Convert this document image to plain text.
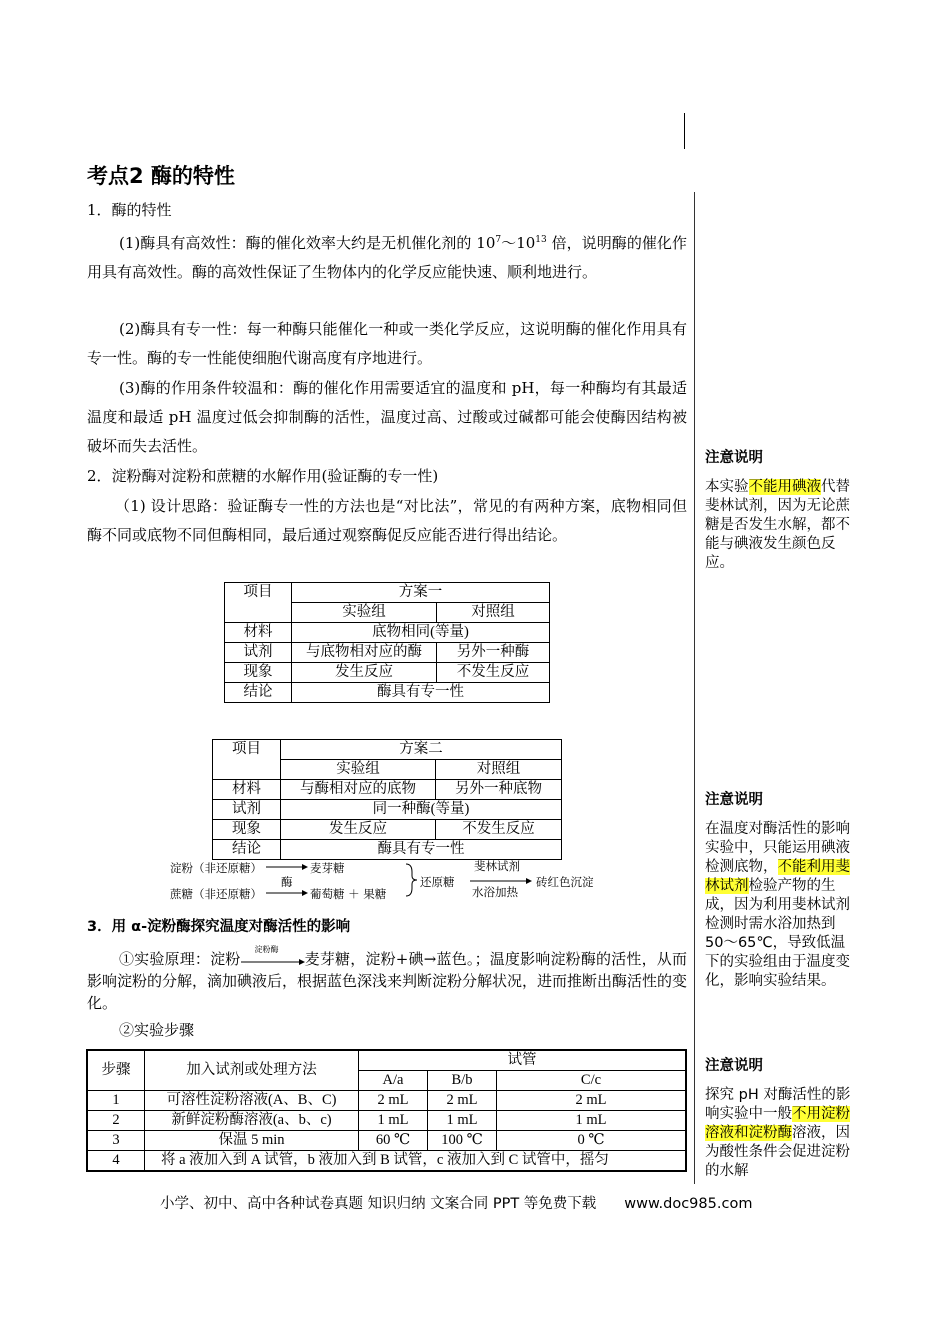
考点2 酶的特性
1．酶的特性
(1)酶具有高效性：酶的催化效率大约是无机催化剂的 $10^7\sim 10^{13}$ 倍，说明酶的催化作用具有高效性。酶的高效性保证了生物体内的化学反应能快速、顺利地进行。
(2)酶具有专一性：每一种酶只能催化一种或一类化学反应，这说明酶的催化作用具有专一性。酶的专一性能使细胞代谢高度有序地进行。
(3)酶的作用条件较温和：酶的催化作用需要适宜的温度和 pH，每一种酶均有其最适温度和最适 pH 温度过低会抑制酶的活性，温度过高、过酸或过碱都可能会使酶因结构被破坏而失去活性。
2．淀粉酶对淀粉和蔗糖的水解作用(验证酶的专一性)
（1) 设计思路：验证酶专一性的方法也是“对比法”，常见的有两种方案，底物相同但酶不同或底物不同但酶相同，最后通过观察酶促反应能否进行得出结论。
项目	方案一	
	实验组	对照组
材料	底物相同(等量)	
试剂	与底物相对应的酶	另外一种酶
现象	发生反应	不发生反应
结论	酶具有专一性	
项目	方案二	
	实验组	对照组
材料	与酶相对应的底物	另外一种底物
试剂	同一种酶(等量)	
现象	发生反应	不发生反应
结论	酶具有专一性	
淀粉（非还原糖）
蔗糖（非还原糖）
酶
麦芽糖
葡萄糖 ＋ 果糖
还原糖
斐林试剂
水浴加热
砖红色沉淀
3．用 α-淀粉酶探究温度对酶活性的影响
①实验原理：淀粉
淀粉酶
麦芽糖，淀粉+碘→蓝色。；温度影响淀粉酶的活性，从而影响淀粉的分解，滴加碘液后，根据蓝色深浅来判断淀粉分解状况，进而推断出酶活性的变化。
②实验步骤
步骤	加入试剂或处理方法	试管		
		A/a	B/b	C/c
1	可溶性淀粉溶液(A、B、C)	2 mL	2 mL	2 mL
2	新鲜淀粉酶溶液(a、b、c)	1 mL	1 mL	1 mL
3	保温 5 min	60 ℃	100 ℃	0 ℃
4	将 a 液加入到 A 试管，b 液加入到 B 试管，c 液加入到 C 试管中，摇匀			
注意说明

本实验不能用碘液代替斐林试剂，因为无论蔗糖是否发生水解，都不能与碘液发生颜色反应。

注意说明

在温度对酶活性的影响实验中，只能运用碘液检测底物，不能利用斐林试剂检验产物的生成，因为利用斐林试剂检测时需水浴加热到 50～65℃，导致低温下的实验组由于温度变化，影响实验结果。

注意说明

探究 pH 对酶活性的影响实验中一般不用淀粉溶液和淀粉酶溶液，因为酸性条件会促进淀粉的水解

小学、初中、高中各种试卷真题 知识归纳 文案合同 PPT 等免费下载 www.doc985.com
